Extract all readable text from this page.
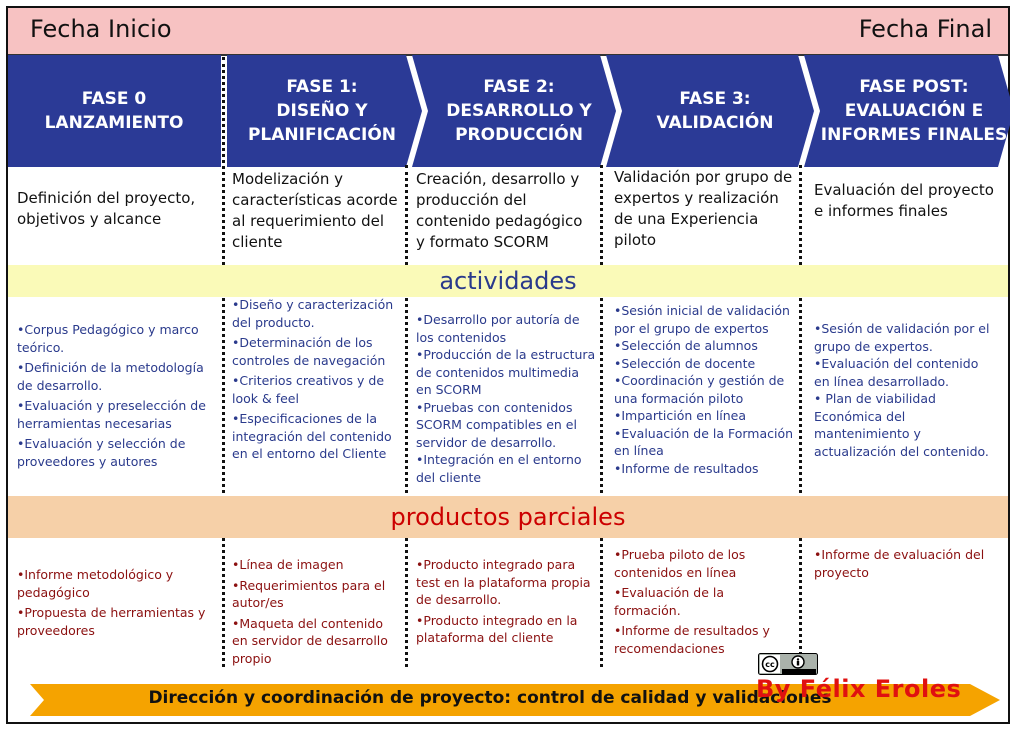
Fecha Inicio	Fecha Final
FASE 0
LANZAMIENTO
FASE 1:
DISEÑO Y
PLANIFICACIÓN
FASE 2:
DESARROLLO Y
PRODUCCIÓN
FASE 3:
VALIDACIÓN
FASE POST:
EVALUACIÓN E
INFORMES FINALES
Definición del proyecto, objetivos y alcance
Modelización y características acorde al requerimiento del cliente
Creación, desarrollo y producción del contenido pedagógico y formato SCORM
Validación por grupo de expertos y realización de una Experiencia piloto
Evaluación del proyecto e informes finales
actividades
•Corpus Pedagógico y marco teórico.
•Definición de la metodología de desarrollo.
•Evaluación y preselección de herramientas necesarias
•Evaluación y selección de proveedores y autores
•Diseño y caracterización del producto.
•Determinación de los controles de navegación
•Criterios creativos y de look & feel
•Especificaciones de la integración del contenido en el entorno del Cliente
•Desarrollo por autoría de los contenidos
•Producción de la estructura de contenidos multimedia en SCORM
•Pruebas con contenidos SCORM compatibles en el servidor de desarrollo.
•Integración en el entorno del cliente
•Sesión inicial de validación por el grupo de expertos
•Selección de alumnos
•Selección de docente
•Coordinación y gestión de una formación piloto
•Impartición en línea
•Evaluación de la Formación en línea
•Informe de resultados
•Sesión de validación por el grupo de expertos.
•Evaluación del contenido en línea desarrollado.
• Plan de viabilidad Económica del mantenimiento y actualización del contenido.
productos parciales
•Informe metodológico y pedagógico
•Propuesta de herramientas y proveedores
•Línea de imagen
•Requerimientos para el autor/es
•Maqueta del contenido en servidor de desarrollo propio
•Producto integrado para test en la plataforma propia de desarrollo.
•Producto integrado en la plataforma del cliente
•Prueba piloto de los contenidos en línea
•Evaluación de la formación.
•Informe de resultados y recomendaciones
•Informe de evaluación del proyecto
cc
Dirección y coordinación de proyecto: control de calidad y validaciones
By Félix Eroles
